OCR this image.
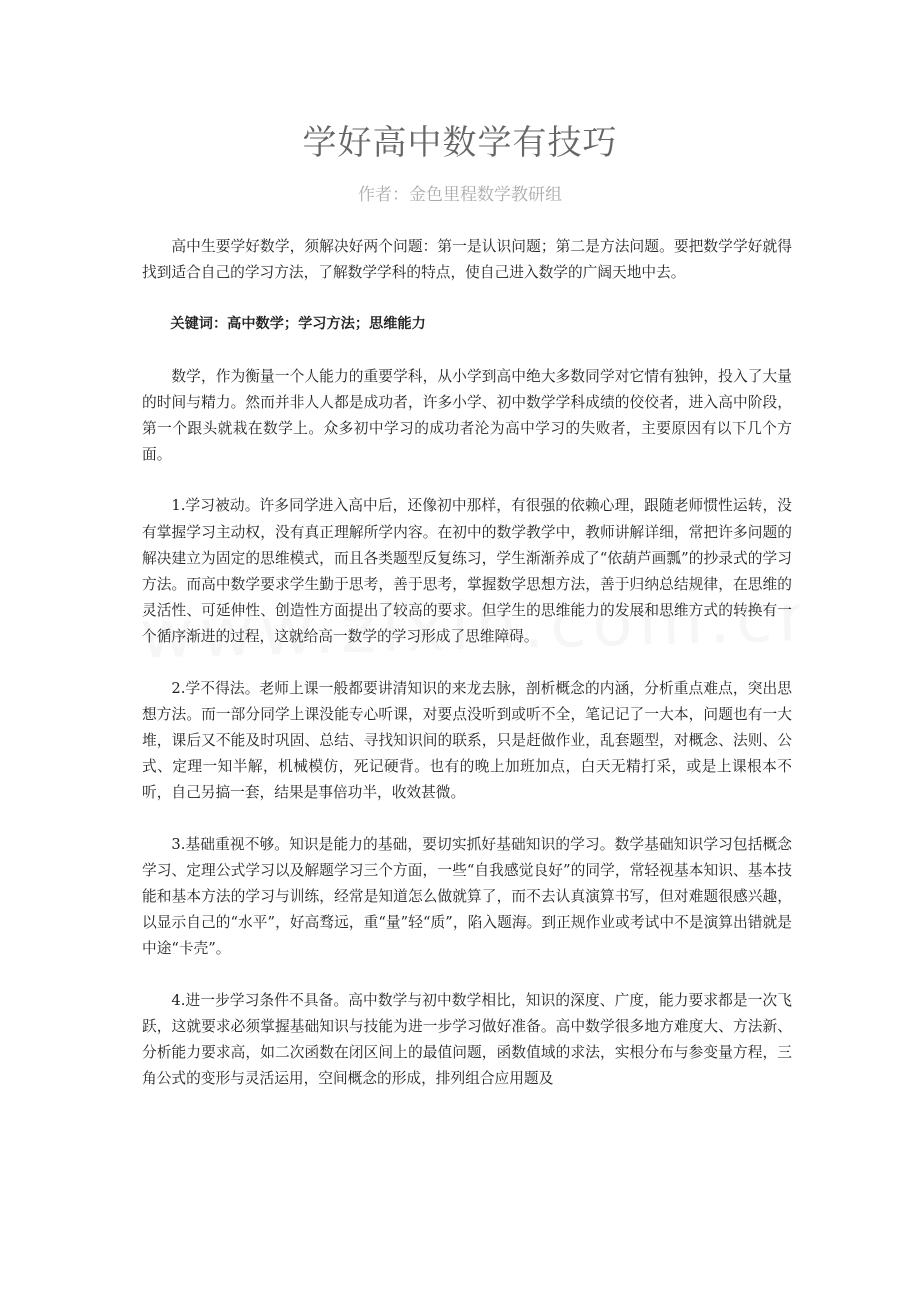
学好高中数学有技巧
作者：金色里程数学教研组

高中生要学好数学，须解决好两个问题：第一是认识问题；第二是方法问题。要把数学学好就得找到适合自己的学习方法，了解数学学科的特点，使自己进入数学的广阔天地中去。

关键词：高中数学；学习方法；思维能力

数学，作为衡量一个人能力的重要学科，从小学到高中绝大多数同学对它情有独钟，投入了大量的时间与精力。然而并非人人都是成功者，许多小学、初中数学学科成绩的佼佼者，进入高中阶段，第一个跟头就栽在数学上。众多初中学习的成功者沦为高中学习的失败者，主要原因有以下几个方面。

1.学习被动。许多同学进入高中后，还像初中那样，有很强的依赖心理，跟随老师惯性运转，没有掌握学习主动权，没有真正理解所学内容。在初中的数学教学中，教师讲解详细，常把许多问题的解决建立为固定的思维模式，而且各类题型反复练习，学生渐渐养成了“依葫芦画瓢”的抄录式的学习方法。而高中数学要求学生勤于思考，善于思考，掌握数学思想方法，善于归纳总结规律，在思维的灵活性、可延伸性、创造性方面提出了较高的要求。但学生的思维能力的发展和思维方式的转换有一个循序渐进的过程，这就给高一数学的学习形成了思维障碍。

2.学不得法。老师上课一般都要讲清知识的来龙去脉，剖析概念的内涵，分析重点难点，突出思想方法。而一部分同学上课没能专心听课，对要点没听到或听不全，笔记记了一大本，问题也有一大堆，课后又不能及时巩固、总结、寻找知识间的联系，只是赶做作业，乱套题型，对概念、法则、公式、定理一知半解，机械模仿，死记硬背。也有的晚上加班加点，白天无精打采，或是上课根本不听，自己另搞一套，结果是事倍功半，收效甚微。

3.基础重视不够。知识是能力的基础，要切实抓好基础知识的学习。数学基础知识学习包括概念学习、定理公式学习以及解题学习三个方面，一些“自我感觉良好”的同学，常轻视基本知识、基本技能和基本方法的学习与训练，经常是知道怎么做就算了，而不去认真演算书写，但对难题很感兴趣，以显示自己的“水平”，好高骛远，重“量”轻“质”，陷入题海。到正规作业或考试中不是演算出错就是中途“卡壳”。

4.进一步学习条件不具备。高中数学与初中数学相比，知识的深度、广度，能力要求都是一次飞跃，这就要求必须掌握基础知识与技能为进一步学习做好准备。高中数学很多地方难度大、方法新、分析能力要求高，如二次函数在闭区间上的最值问题，函数值域的求法，实根分布与参变量方程，三角公式的变形与灵活运用，空间概念的形成，排列组合应用题及
